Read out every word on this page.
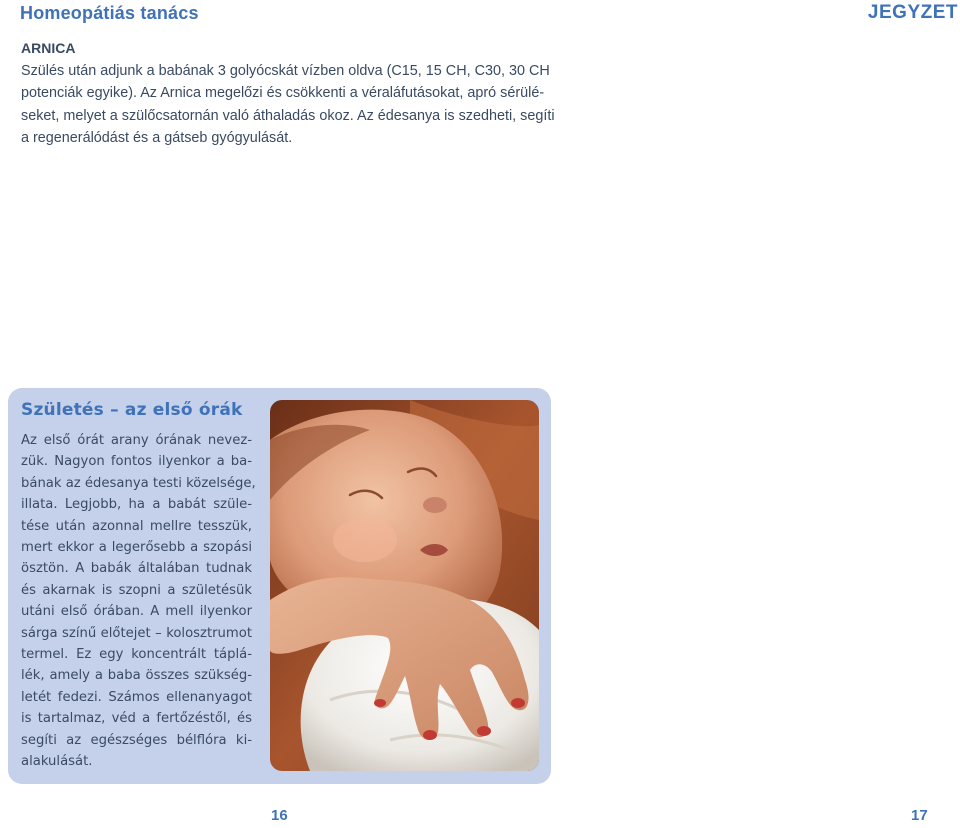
Homeopátiás tanács	JEGYZET
ARNICA
Szülés után adjunk a babának 3 golyócskát vízben oldva (C15, 15 CH, C30, 30 CH
potenciák egyike). Az Arnica megelőzi és csökkenti a véraláfutásokat, apró sérülé-
seket, melyet a szülőcsatornán való áthaladás okoz. Az édesanya is szedheti, segíti
a regenerálódást és a gátseb gyógyulását.
Születés – az első órák
Az első órát arany órának nevez-
zük. Nagyon fontos ilyenkor a ba-
bának az édesanya testi közelsége,
illata. Legjobb, ha a babát szüle-
tése után azonnal mellre tesszük,
mert ekkor a legerősebb a szopási
ösztön. A babák általában tudnak
és akarnak is szopni a születésük
utáni első órában. A mell ilyenkor
sárga színű előtejet – kolosztrumot
termel. Ez egy koncentrált táplá-
lék, amely a baba összes szükség-
letét fedezi. Számos ellenanyagot
is tartalmaz, véd a fertőzéstől, és
segíti az egészséges bélflóra ki-
alakulását.
16	17
